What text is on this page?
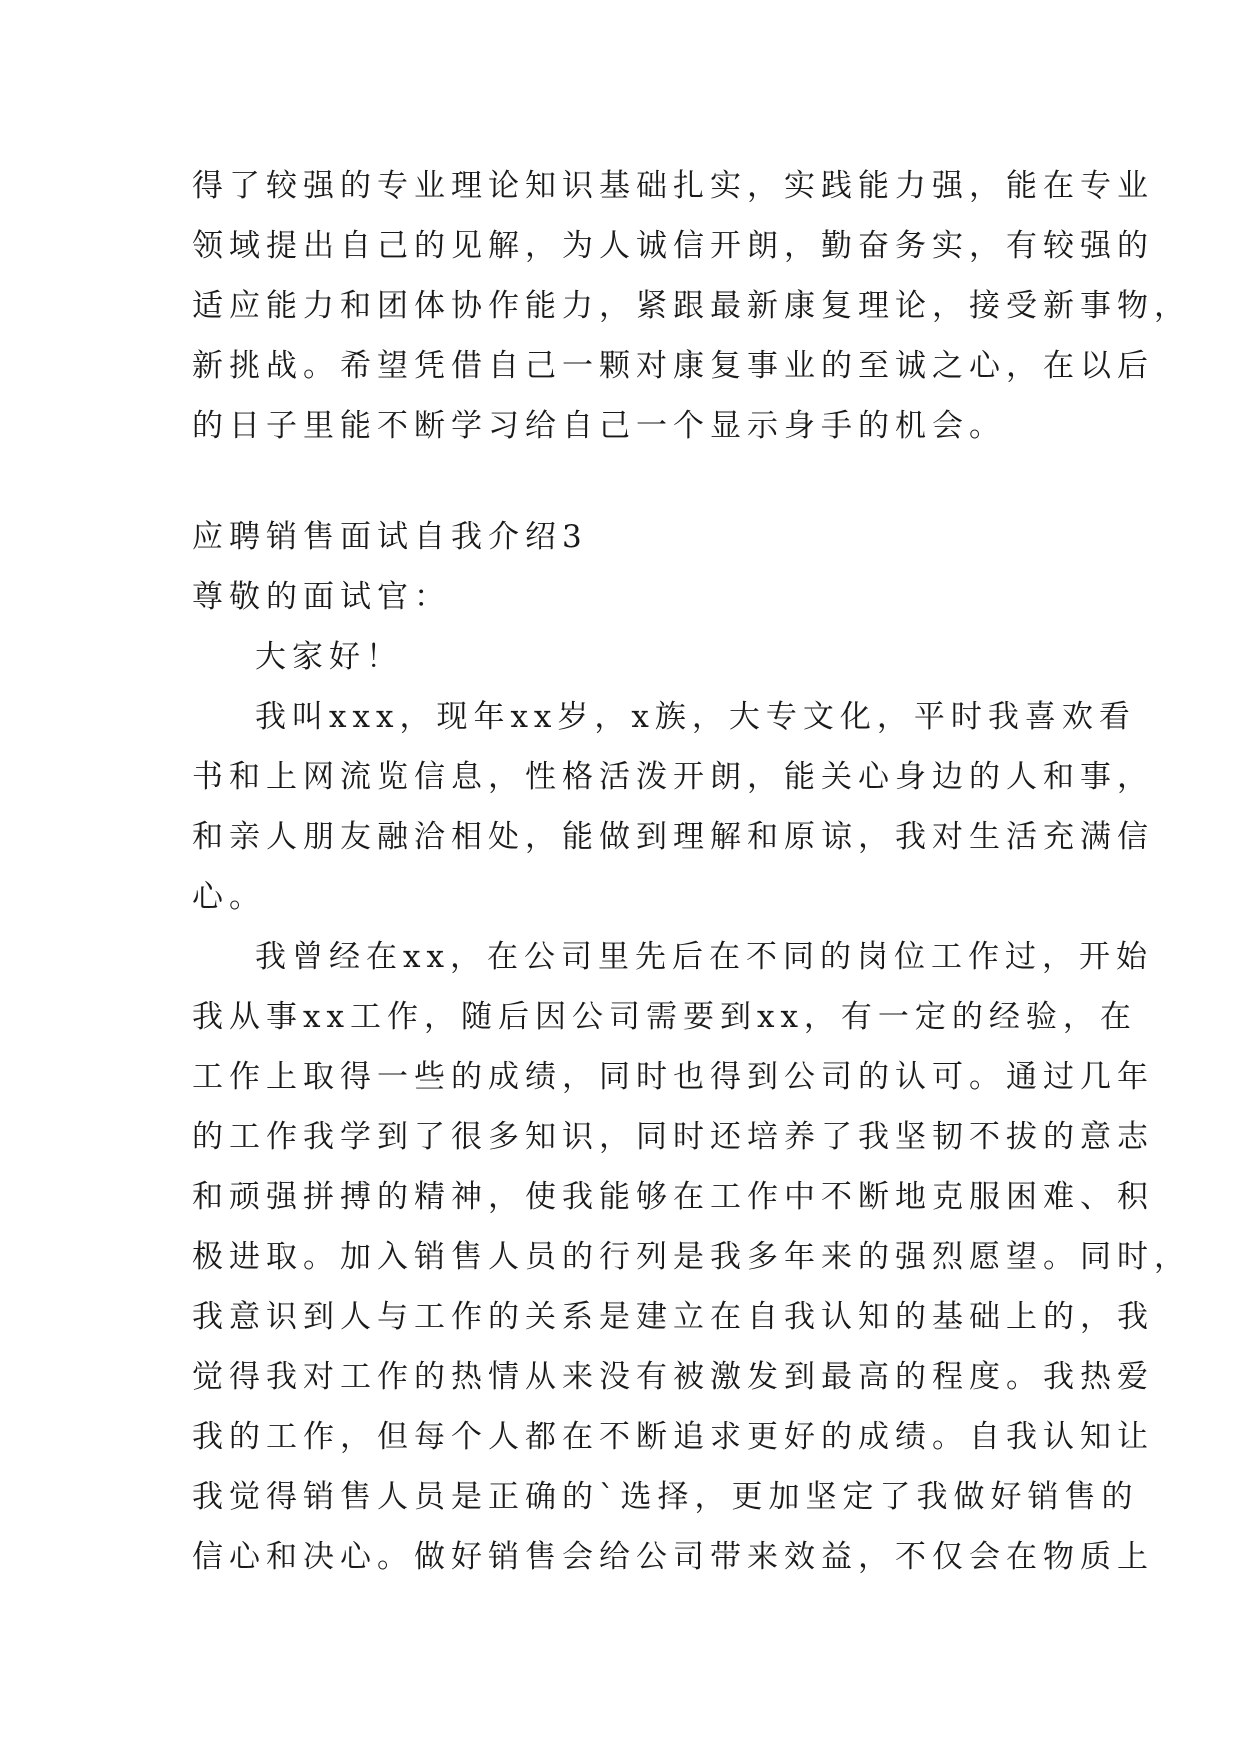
得了较强的专业理论知识基础扎实，实践能力强，能在专业
领域提出自己的见解，为人诚信开朗，勤奋务实，有较强的
适应能力和团体协作能力，紧跟最新康复理论，接受新事物，
新挑战。希望凭借自己一颗对康复事业的至诚之心，在以后
的日子里能不断学习给自己一个显示身手的机会。
应聘销售面试自我介绍3
尊敬的面试官：
大家好！
我叫xxx，现年xx岁，x族，大专文化，平时我喜欢看
书和上网流览信息，性格活泼开朗，能关心身边的人和事，
和亲人朋友融洽相处，能做到理解和原谅，我对生活充满信
心。
我曾经在xx，在公司里先后在不同的岗位工作过，开始
我从事xx工作，随后因公司需要到xx，有一定的经验，在
工作上取得一些的成绩，同时也得到公司的认可。通过几年
的工作我学到了很多知识，同时还培养了我坚韧不拔的意志
和顽强拼搏的精神，使我能够在工作中不断地克服困难、积
极进取。加入销售人员的行列是我多年来的强烈愿望。同时，
我意识到人与工作的关系是建立在自我认知的基础上的，我
觉得我对工作的热情从来没有被激发到最高的程度。我热爱
我的工作，但每个人都在不断追求更好的成绩。自我认知让
我觉得销售人员是正确的`选择，更加坚定了我做好销售的
信心和决心。做好销售会给公司带来效益，不仅会在物质上
